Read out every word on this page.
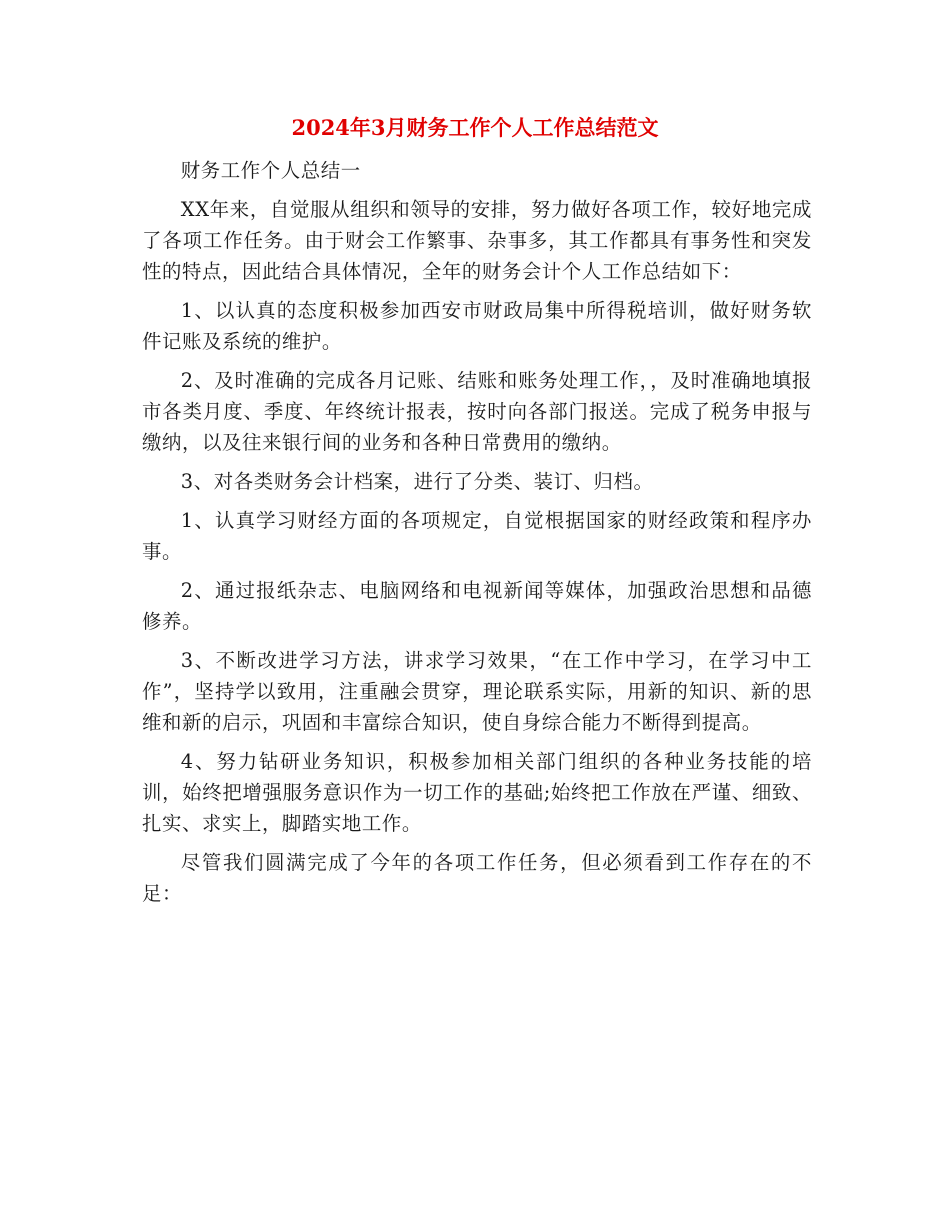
2024年3月财务工作个人工作总结范文

财务工作个人总结一

XX年来，自觉服从组织和领导的安排，努力做好各项工作，较好地完成了各项工作任务。由于财会工作繁事、杂事多，其工作都具有事务性和突发性的特点，因此结合具体情况，全年的财务会计个人工作总结如下：

1、以认真的态度积极参加西安市财政局集中所得税培训，做好财务软件记账及系统的维护。

2、及时准确的完成各月记账、结账和账务处理工作，，及时准确地填报市各类月度、季度、年终统计报表，按时向各部门报送。完成了税务申报与缴纳，以及往来银行间的业务和各种日常费用的缴纳。

3、对各类财务会计档案，进行了分类、装订、归档。

1、认真学习财经方面的各项规定，自觉根据国家的财经政策和程序办事。

2、通过报纸杂志、电脑网络和电视新闻等媒体，加强政治思想和品德修养。

3、不断改进学习方法，讲求学习效果，“在工作中学习，在学习中工作”，坚持学以致用，注重融会贯穿，理论联系实际，用新的知识、新的思维和新的启示，巩固和丰富综合知识，使自身综合能力不断得到提高。

4、努力钻研业务知识，积极参加相关部门组织的各种业务技能的培训，始终把增强服务意识作为一切工作的基础;始终把工作放在严谨、细致、扎实、求实上，脚踏实地工作。

尽管我们圆满完成了今年的各项工作任务，但必须看到工作存在的不足：
